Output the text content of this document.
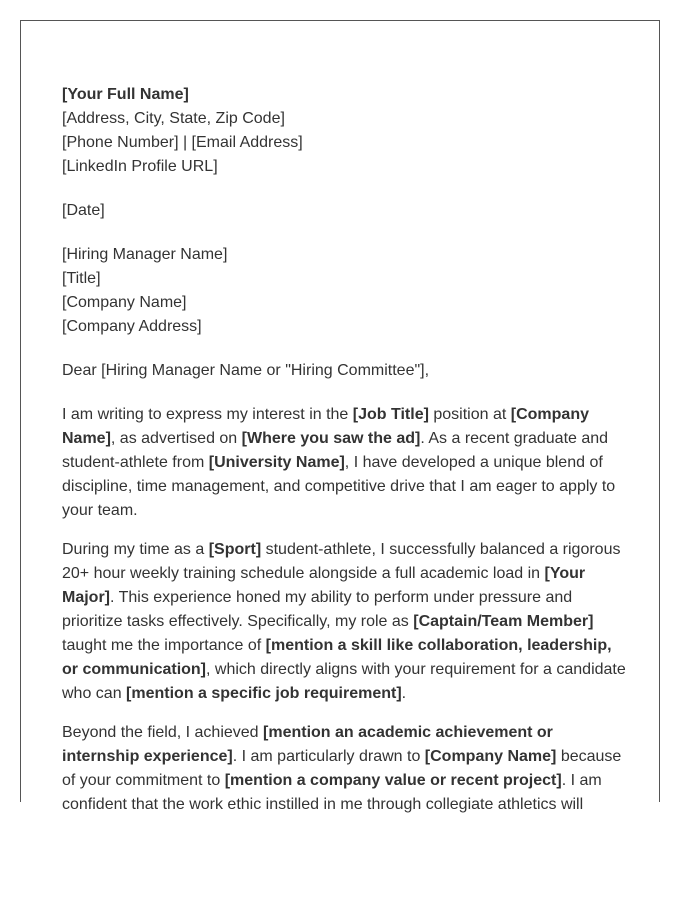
[Your Full Name]
[Address, City, State, Zip Code]
[Phone Number] | [Email Address]
[LinkedIn Profile URL]
[Date]
[Hiring Manager Name]
[Title]
[Company Name]
[Company Address]
Dear [Hiring Manager Name or "Hiring Committee"],

I am writing to express my interest in the [Job Title] position at [Company Name], as advertised on [Where you saw the ad]. As a recent graduate and student-athlete from [University Name], I have developed a unique blend of discipline, time management, and competitive drive that I am eager to apply to your team.

During my time as a [Sport] student-athlete, I successfully balanced a rigorous 20+ hour weekly training schedule alongside a full academic load in [Your Major]. This experience honed my ability to perform under pressure and prioritize tasks effectively. Specifically, my role as [Captain/Team Member] taught me the importance of [mention a skill like collaboration, leadership, or communication], which directly aligns with your requirement for a candidate who can [mention a specific job requirement].

Beyond the field, I achieved [mention an academic achievement or internship experience]. I am particularly drawn to [Company Name] because of your commitment to [mention a company value or recent project]. I am confident that the work ethic instilled in me through collegiate athletics will
